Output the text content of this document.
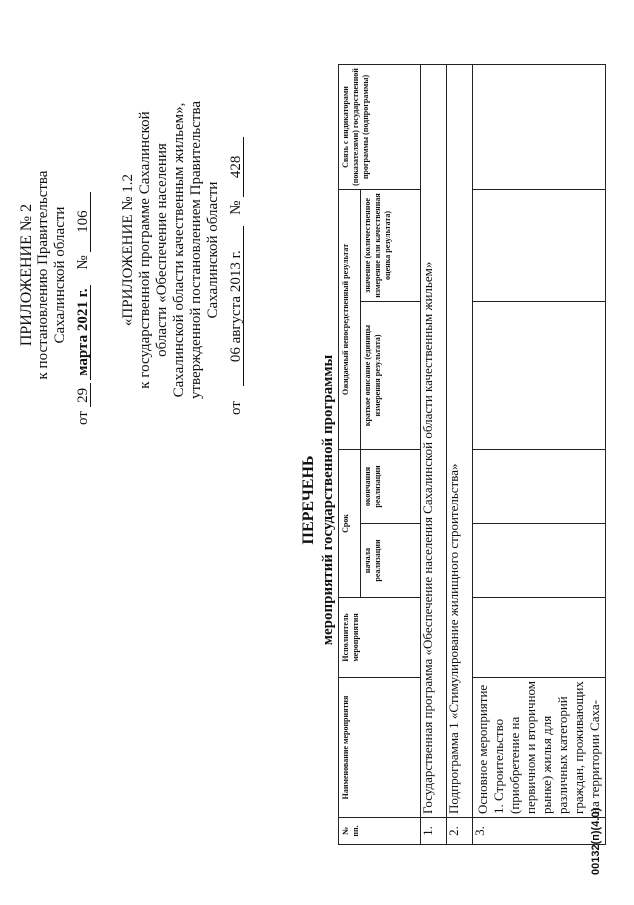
ПРИЛОЖЕНИЕ № 2 к постановлению Правительства Сахалинской области
от 29 марта 2021 г.    № 106 «ПРИЛОЖЕНИЕ № 1.2 к государственной программе Сахалинской области «Обеспечение населения Сахалинской области качественным жильем», утвержденной постановлением Правительства Сахалинской области
от    06 августа 2013 г.   № 428
ПЕРЕЧЕНЬ мероприятий государственной программы
№ пп.	Наименование мероприятия	Исполнитель мероприятия	Срок		Ожидаемый непосредственный результат		Связь с индикаторами (показателями) государственной программы (подпрограммы)
			начала реализации	окончания реализации	краткое описание (единицы измерения результата)	значение (количественное измерение или качественная оценка результата)	
1.	Государственная программа «Обеспечение населения Сахалинской области качественным жильем»						
2.	Подпрограмма 1 «Стимулирование жилищного строительства»						
3.	Основное мероприятие 1. Строительство (приобретение на первичном и вторичном рынке) жилья для различных категорий граждан, проживающих на территории Саха-						
00132(п)(4.0)
